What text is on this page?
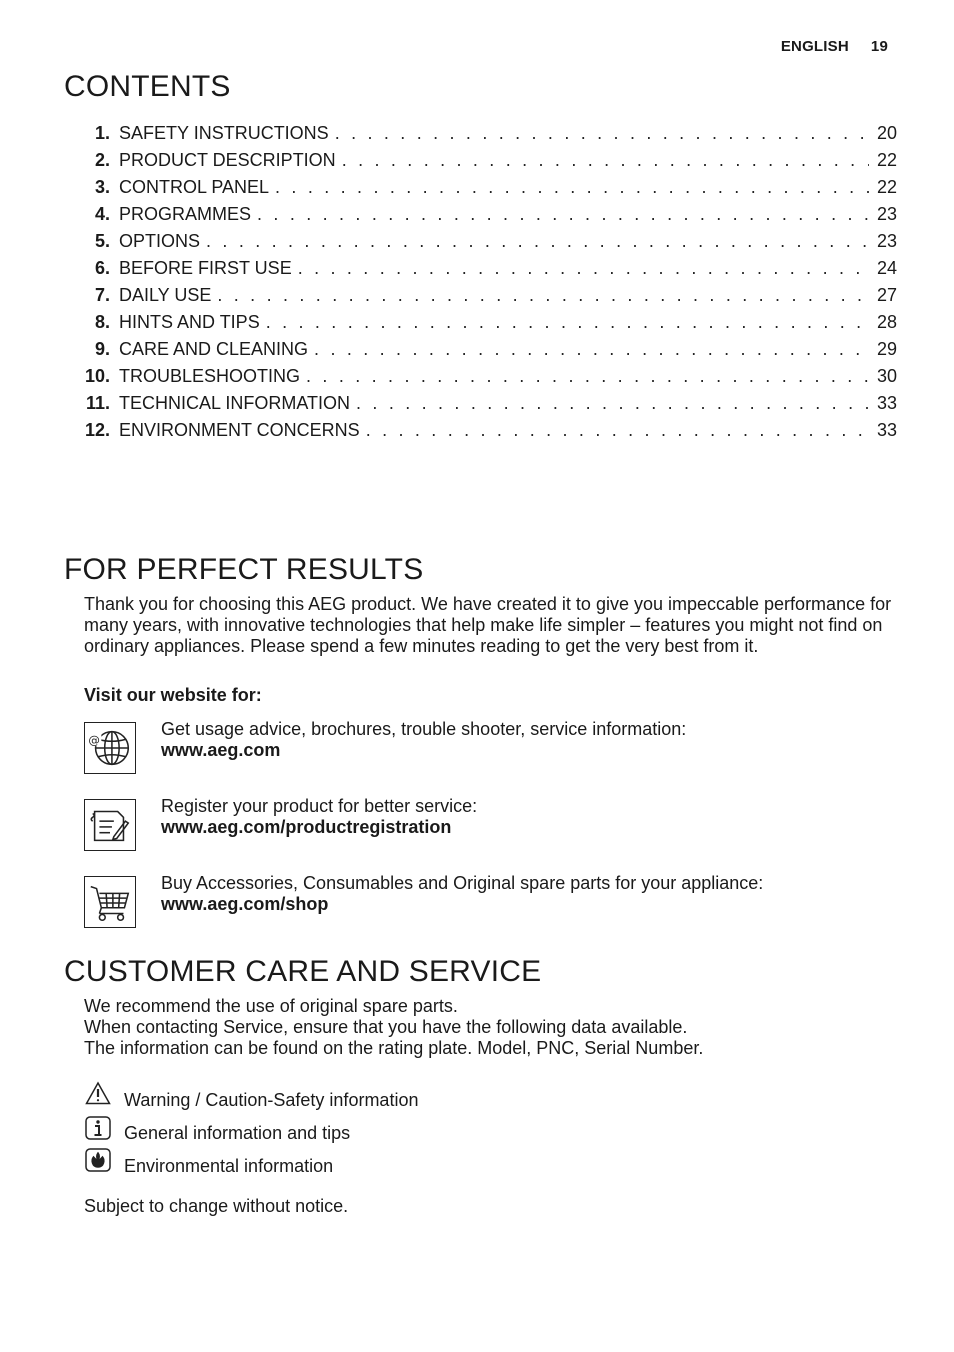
ENGLISH 19
CONTENTS
1. SAFETY INSTRUCTIONS . . .	20
2. PRODUCT DESCRIPTION . . .	22
3. CONTROL PANEL . . .	22
4. PROGRAMMES . . .	23
5. OPTIONS . . .	23
6. BEFORE FIRST USE . . .	24
7. DAILY USE . . .	27
8. HINTS AND TIPS . . .	28
9. CARE AND CLEANING . . .	29
10. TROUBLESHOOTING . . .	30
11. TECHNICAL INFORMATION . . .	33
12. ENVIRONMENT CONCERNS . . .	33
FOR PERFECT RESULTS

Thank you for choosing this AEG product. We have created it to give you impeccable performance for many years, with innovative technologies that help make life simpler – features you might not find on ordinary appliances. Please spend a few minutes reading to get the very best from it.

Visit our website for:

@

Get usage advice, brochures, trouble shooter, service information:

www.aeg.com

Register your product for better service:

www.aeg.com/productregistration

Buy Accessories, Consumables and Original spare parts for your appliance:

www.aeg.com/shop

CUSTOMER CARE AND SERVICE

We recommend the use of original spare parts.

When contacting Service, ensure that you have the following data available.

The information can be found on the rating plate. Model, PNC, Serial Number.

Warning / Caution-Safety information

General information and tips

Environmental information

Subject to change without notice.
